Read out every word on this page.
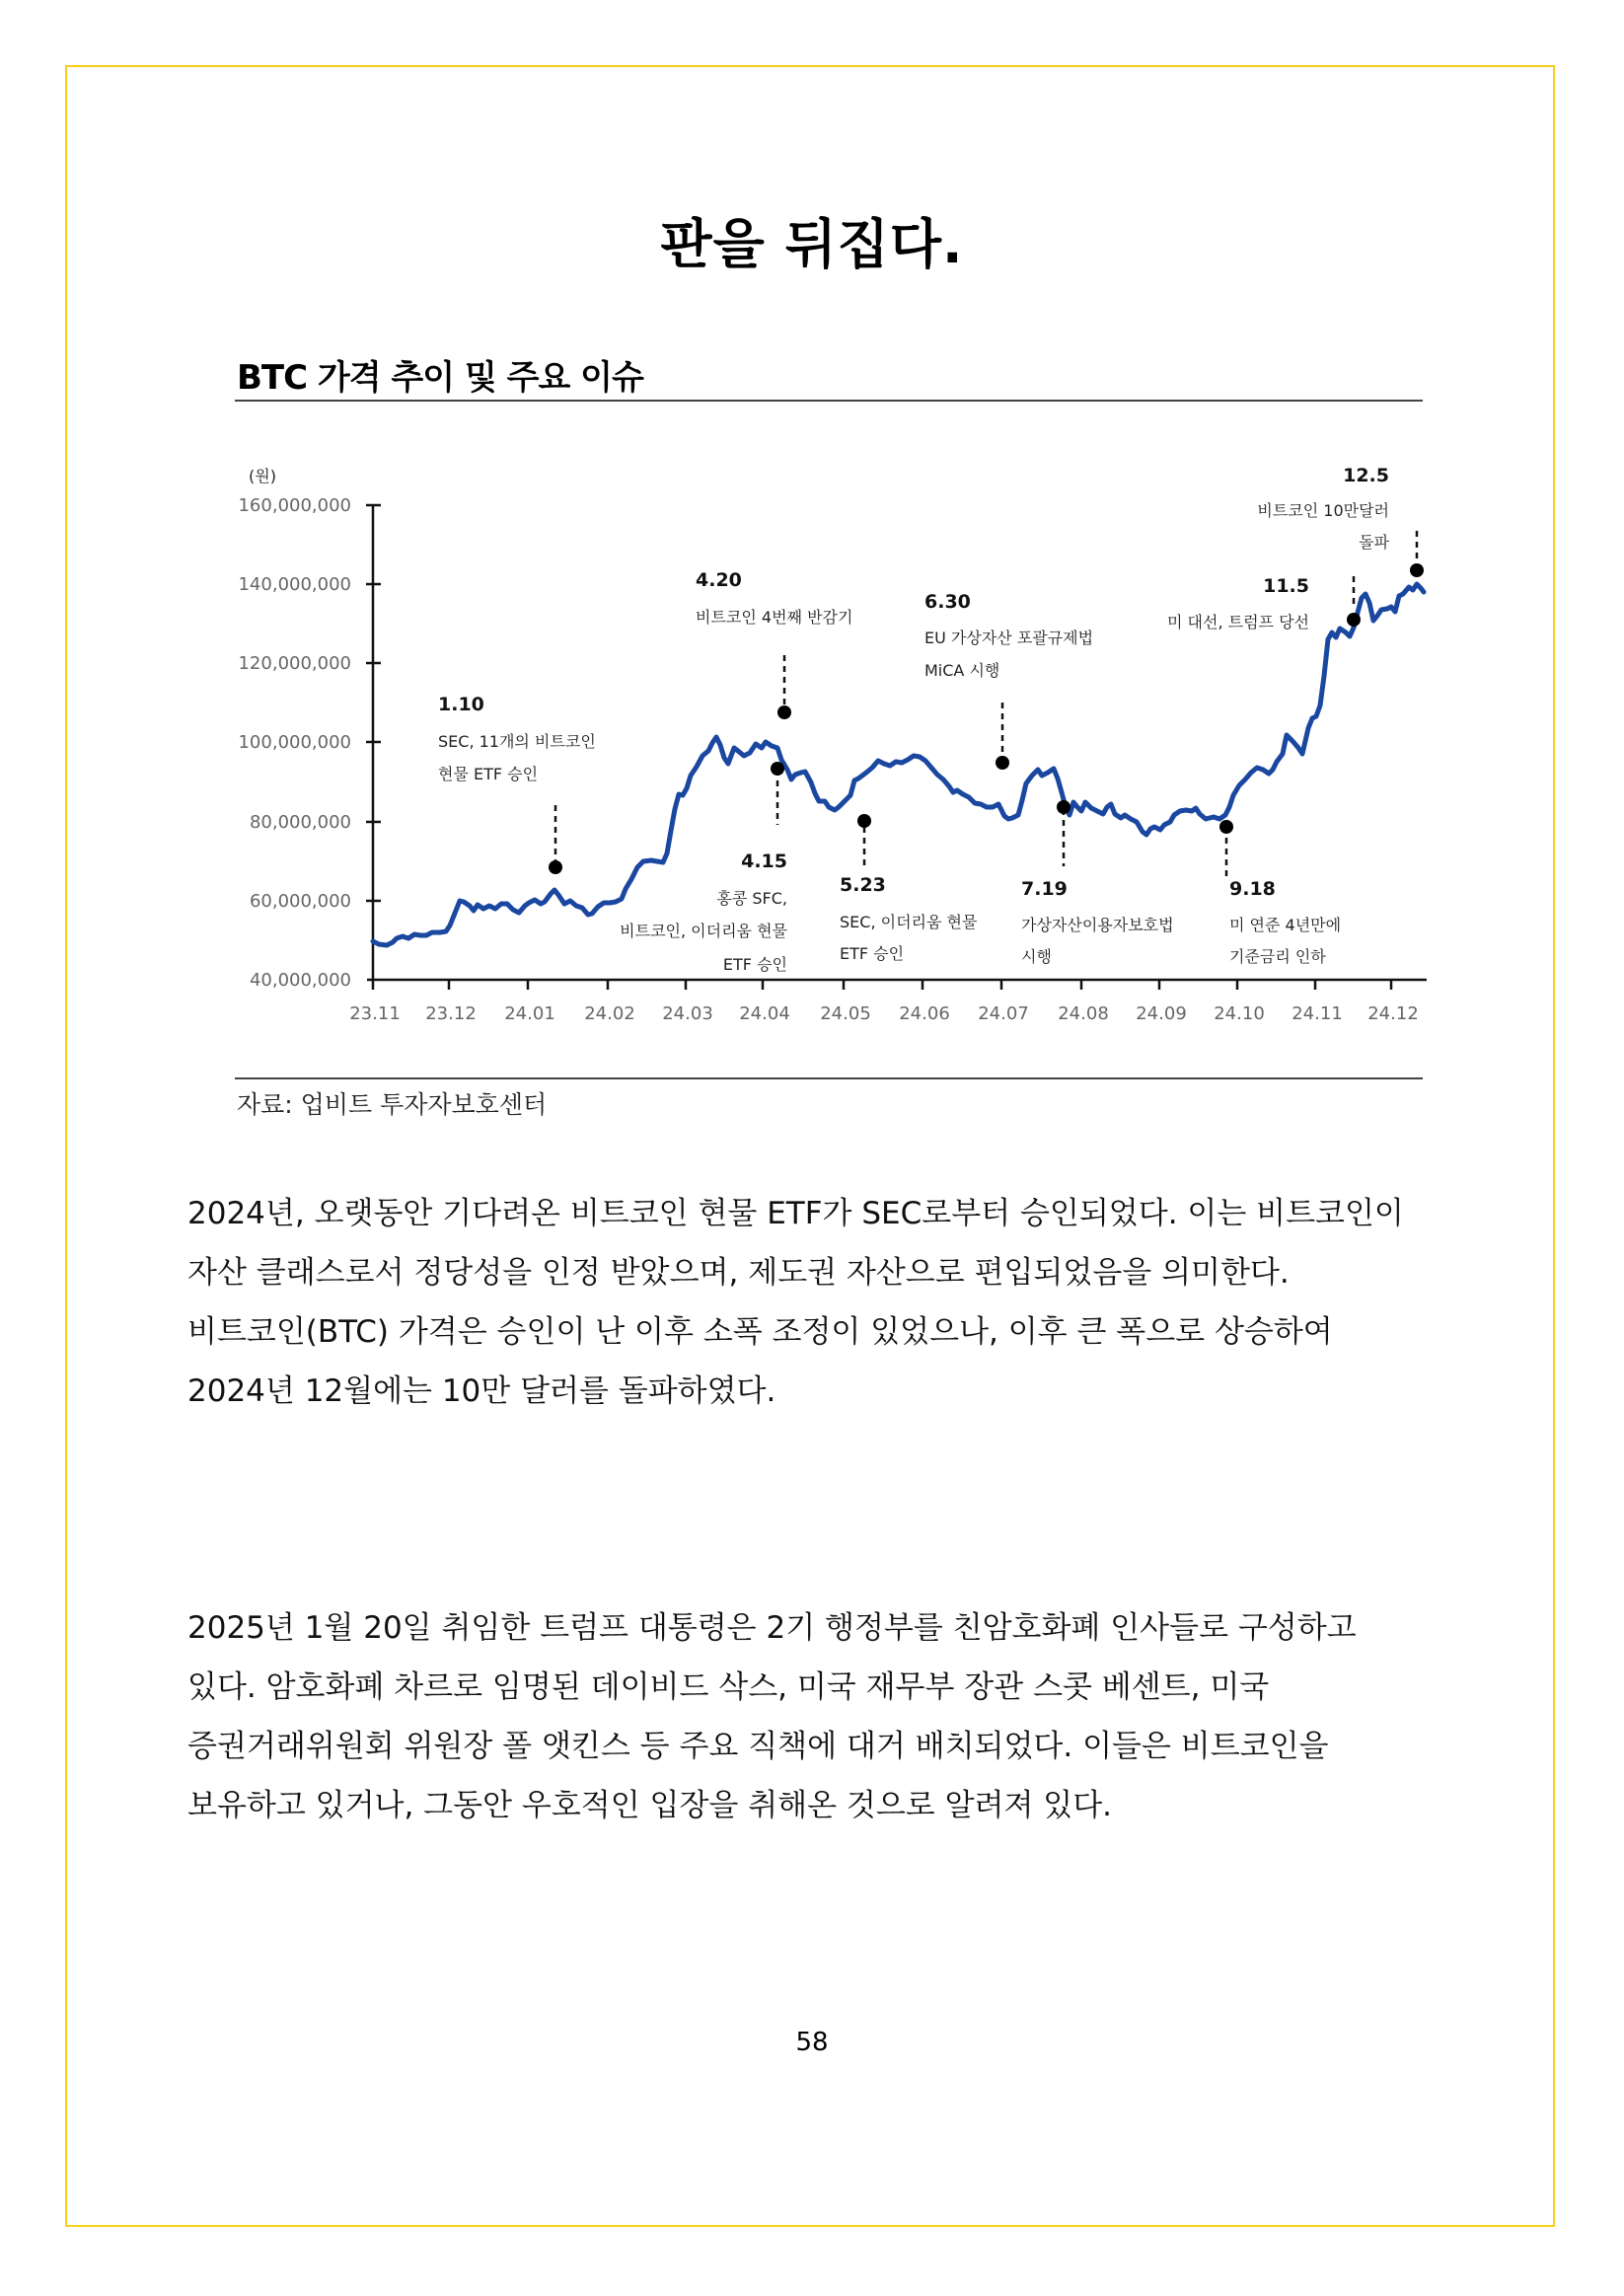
판을 뒤집다.
BTC 가격 추이 및 주요 이슈
(원)
160,000,000
140,000,000
120,000,000
100,000,000
80,000,000
60,000,000
40,000,000
23.11 23.12 24.01 24.02 24.03 24.04 24.05 24.06 24.07 24.08 24.09 24.10 24.11 24.12
1.10
SEC, 11개의 비트코인
현물 ETF 승인
4.15
홍콩 SFC,
비트코인, 이더리움 현물
ETF 승인
4.20
비트코인 4번째 반감기
5.23
SEC, 이더리움 현물
ETF 승인
6.30
EU 가상자산 포괄규제법
MiCA 시행
7.19
가상자산이용자보호법
시행
9.18
미 연준 4년만에
기준금리 인하
11.5
미 대선, 트럼프 당선
12.5
비트코인 10만달러
돌파
자료: 업비트 투자자보호센터

2024년, 오랫동안 기다려온 비트코인 현물 ETF가 SEC로부터 승인되었다. 이는 비트코인이

자산 클래스로서 정당성을 인정 받았으며, 제도권 자산으로 편입되었음을 의미한다.

비트코인(BTC) 가격은 승인이 난 이후 소폭 조정이 있었으나, 이후 큰 폭으로 상승하여

2024년 12월에는 10만 달러를 돌파하였다.

2025년 1월 20일 취임한 트럼프 대통령은 2기 행정부를 친암호화폐 인사들로 구성하고

있다. 암호화폐 차르로 임명된 데이비드 삭스, 미국 재무부 장관 스콧 베센트, 미국

증권거래위원회 위원장 폴 앳킨스 등 주요 직책에 대거 배치되었다. 이들은 비트코인을

보유하고 있거나, 그동안 우호적인 입장을 취해온 것으로 알려져 있다.

58
